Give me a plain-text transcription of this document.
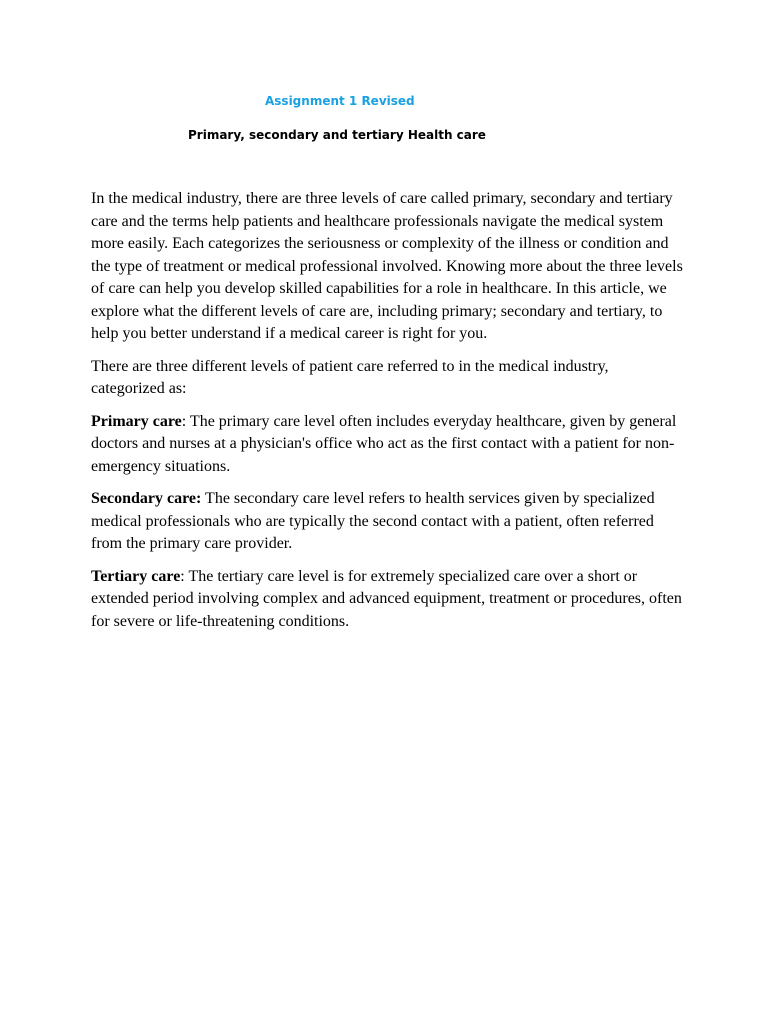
Assignment 1 Revised
Primary, secondary and tertiary Health care

In the medical industry, there are three levels of care called primary, secondary and tertiary care and the terms help patients and healthcare professionals navigate the medical system more easily. Each categorizes the seriousness or complexity of the illness or condition and the type of treatment or medical professional involved. Knowing more about the three levels of care can help you develop skilled capabilities for a role in healthcare. In this article, we explore what the different levels of care are, including primary; secondary and tertiary, to help you better understand if a medical career is right for you.

There are three different levels of patient care referred to in the medical industry, categorized as:

Primary care: The primary care level often includes everyday healthcare, given by general doctors and nurses at a physician's office who act as the first contact with a patient for non-emergency situations.

Secondary care: The secondary care level refers to health services given by specialized medical professionals who are typically the second contact with a patient, often referred from the primary care provider.

Tertiary care: The tertiary care level is for extremely specialized care over a short or extended period involving complex and advanced equipment, treatment or procedures, often for severe or life-threatening conditions.
